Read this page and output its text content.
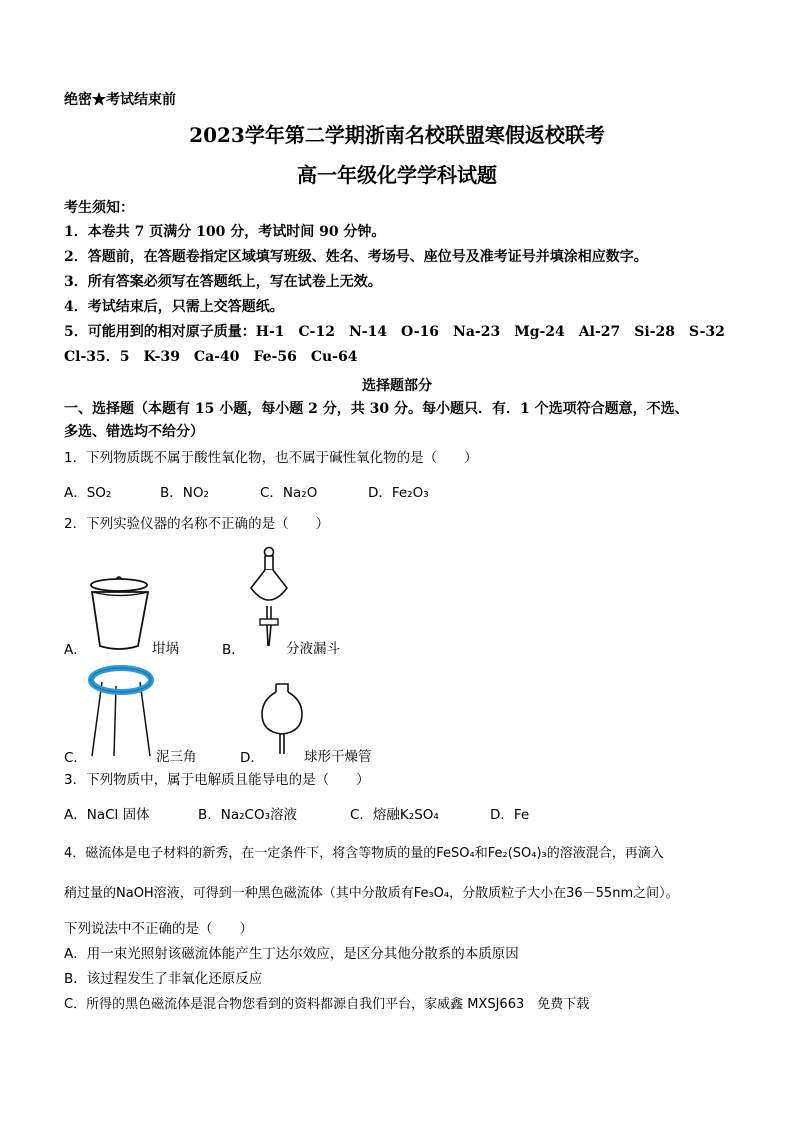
绝密★考试结束前
2023学年第二学期浙南名校联盟寒假返校联考
高一年级化学学科试题
考生须知：
1．本卷共 7 页满分 100 分，考试时间 90 分钟。
2．答题前，在答题卷指定区域填写班级、姓名、考场号、座位号及准考证号并填涂相应数字。
3．所有答案必须写在答题纸上，写在试卷上无效。
4．考试结束后，只需上交答题纸。
5．可能用到的相对原子质量：H-1　C-12　N-14　O-16　Na-23　Mg-24　Al-27　Si-28　S-32
Cl-35．5　K-39　Ca-40　Fe-56　Cu-64
选择题部分
一、选择题（本题有 15 小题，每小题 2 分，共 30 分。每小题只．有．1 个选项符合题意，不选、
多选、错选均不给分）
1．下列物质既不属于酸性氧化物，也不属于碱性氧化物的是（　　）
A．SO₂	B．NO₂	C．Na₂O	D．Fe₂O₃
2．下列实验仪器的名称不正确的是（　　）
A．	坩埚	B．	分液漏斗
C．	泥三角	D．	球形干燥管
3．下列物质中，属于电解质且能导电的是（　　）
A．NaCl 固体	B．Na₂CO₃溶液	C．熔融K₂SO₄	D．Fe
4．磁流体是电子材料的新秀，在一定条件下，将含等物质的量的FeSO₄和Fe₂(SO₄)₃的溶液混合，再滴入
稍过量的NaOH溶液，可得到一种黑色磁流体（其中分散质有Fe₃O₄，分散质粒子大小在36－55nm之间）。
下列说法中不正确的是（　　）
A．用一束光照射该磁流体能产生丁达尔效应，是区分其他分散系的本质原因
B．该过程发生了非氧化还原反应
C．所得的黑色磁流体是混合物您看到的资料都源自我们平台，家威鑫 MXSJ663　免费下载
